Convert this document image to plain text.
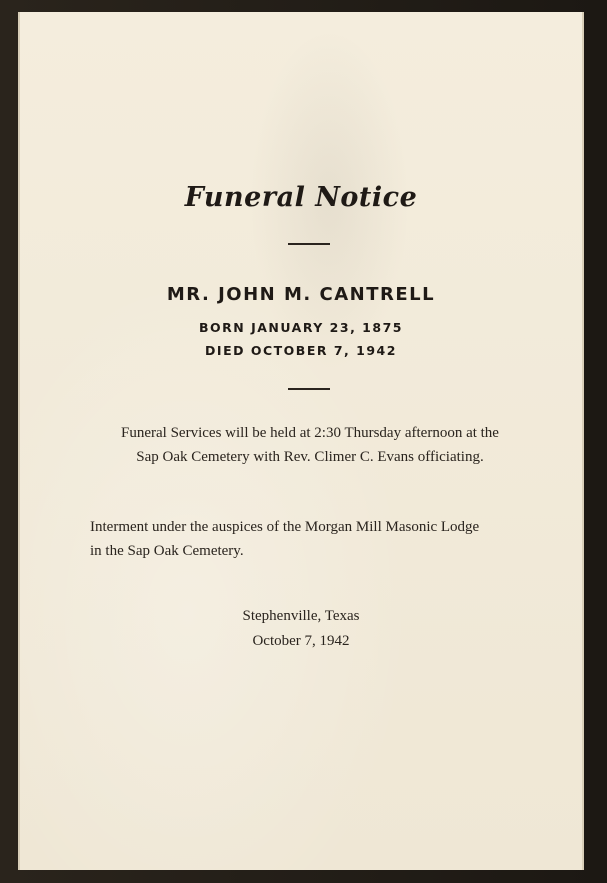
Funeral Notice
MR. JOHN M. CANTRELL
BORN JANUARY 23, 1875
DIED OCTOBER 7, 1942
Funeral Services will be held at 2:30 Thursday afternoon at the
Sap Oak Cemetery with Rev. Climer C. Evans officiating.
Interment under the auspices of the Morgan Mill Masonic Lodge
in the Sap Oak Cemetery.
Stephenville, Texas
October 7, 1942
